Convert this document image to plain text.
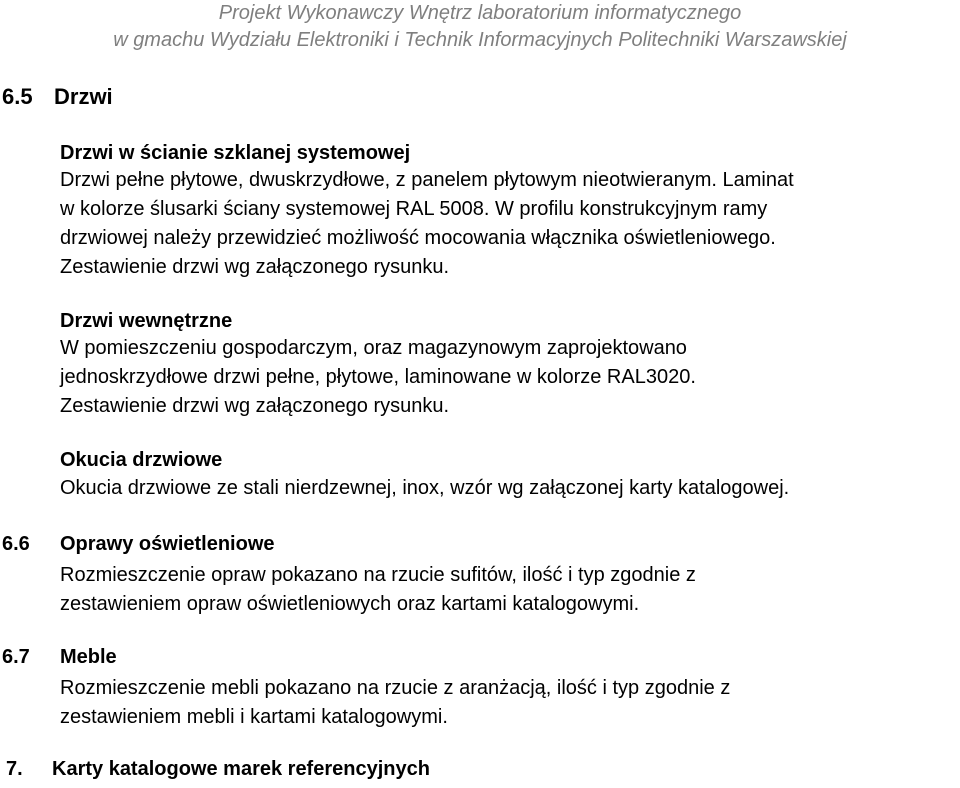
Projekt Wykonawczy Wnętrz laboratorium informatycznego
w gmachu Wydziału Elektroniki i Technik Informacyjnych Politechniki Warszawskiej
6.5 Drzwi
Drzwi w ścianie szklanej systemowej
Drzwi pełne płytowe, dwuskrzydłowe, z panelem płytowym nieotwieranym. Laminat
w kolorze ślusarki ściany systemowej RAL 5008. W profilu konstrukcyjnym ramy
drzwiowej należy przewidzieć możliwość mocowania włącznika oświetleniowego.
Zestawienie drzwi wg załączonego rysunku.
Drzwi wewnętrzne
W pomieszczeniu gospodarczym, oraz magazynowym zaprojektowano
jednoskrzydłowe drzwi pełne, płytowe, laminowane w kolorze RAL3020.
Zestawienie drzwi wg załączonego rysunku.
Okucia drzwiowe
Okucia drzwiowe ze stali nierdzewnej, inox, wzór wg załączonej karty katalogowej.
6.6 Oprawy oświetleniowe
Rozmieszczenie opraw pokazano na rzucie sufitów, ilość i typ zgodnie z
zestawieniem opraw oświetleniowych oraz kartami katalogowymi.
6.7 Meble
Rozmieszczenie mebli pokazano na rzucie z aranżacją, ilość i typ zgodnie z
zestawieniem mebli i kartami katalogowymi.
7. Karty katalogowe marek referencyjnych
